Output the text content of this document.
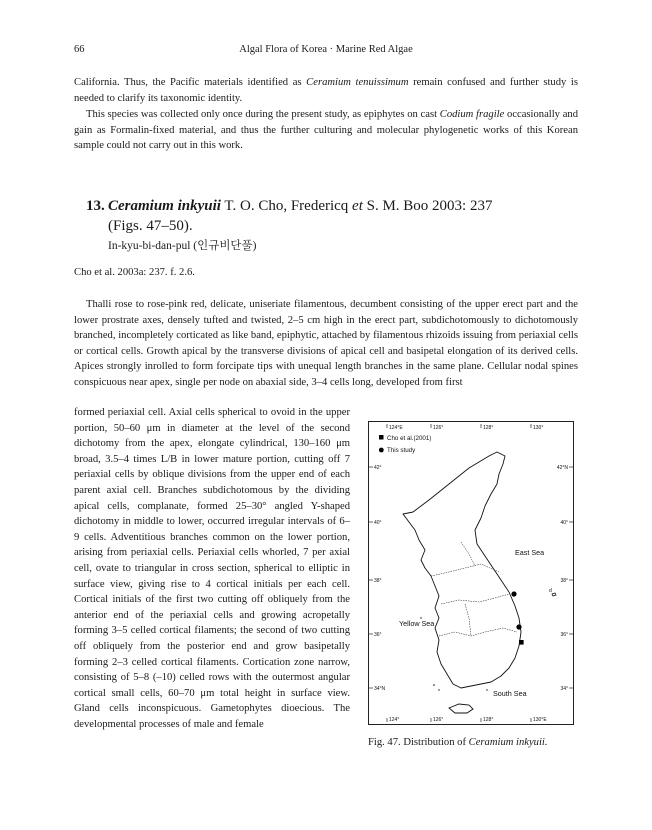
66	Algal Flora of Korea · Marine Red Algae

California. Thus, the Pacific materials identified as Ceramium tenuissimum remain confused and further study is needed to clarify its taxonomic identity.

This species was collected only once during the present study, as epiphytes on cast Codium fragile occasionally and gain as Formalin-fixed material, and thus the further culturing and molecular phylogenetic works of this Korean sample could not carry out in this work.

13. Ceramium inkyuii T. O. Cho, Fredericq et S. M. Boo 2003: 237
(Figs. 47–50).
In-kyu-bi-dan-pul (인규비단풀)
Cho et al. 2003a: 237. f. 2.6.

Thalli rose to rose-pink red, delicate, uniseriate filamentous, decumbent consisting of the upper erect part and the lower prostrate axes, densely tufted and twisted, 2–5 cm high in the erect part, subdichotomously to dichotomously branched, incompletely corticated as like band, epiphytic, attached by filamentous rhizoids issuing from periaxial cells or cortical cells. Growth apical by the transverse divisions of apical cell and basipetal elongation of its derived cells. Apices strongly inrolled to form forcipate tips with unequal length branches in the same plane. Cellular nodal spines conspicuous near apex, single per node on abaxial side, 3–4 cells long, developed from first

formed periaxial cell. Axial cells spherical to ovoid in the upper portion, 50–60 μm in diameter at the level of the second dichotomy from the apex, elongate cylindrical, 130–160 μm broad, 3.5–4 times L/B in lower mature portion, cutting off 7 periaxial cells by oblique divisions from the upper end of each parent axial cell. Branches subdichotomous by the dividing apical cells, complanate, formed 25–30° angled Y-shaped dichotomy in middle to lower, occurred irregular intervals of 6–9 cells. Adventitious branches common on the lower portion, arising from periaxial cells. Periaxial cells whorled, 7 per axial cell, ovate to triangular in cross section, spherical to elliptic in surface view, giving rise to 4 cortical initials per each cell. Cortical initials of the first two cutting off obliquely from the anterior end of the periaxial cells and growing acropetally forming 3–5 celled cortical filaments; the second of two cutting off obliquely from the posterior end and grow basipetally forming 2–3 celled cortical filaments. Cortication zone narrow, consisting of 5–8 (–10) celled rows with the outermost angular cortical small cells, 60–70 μm total height in surface view. Gland cells inconspicuous. Gametophytes dioecious. The developmental processes of male and female

124°E	126°	128°	130°
124°	126°	128°	130°E
42°
40°
38°
36°
34°N
42°N
40°
38°
36°
34°
Cho et al.(2001)
This study
East Sea
Yellow Sea
South Sea
d
Fig. 47. Distribution of Ceramium inkyuii.
